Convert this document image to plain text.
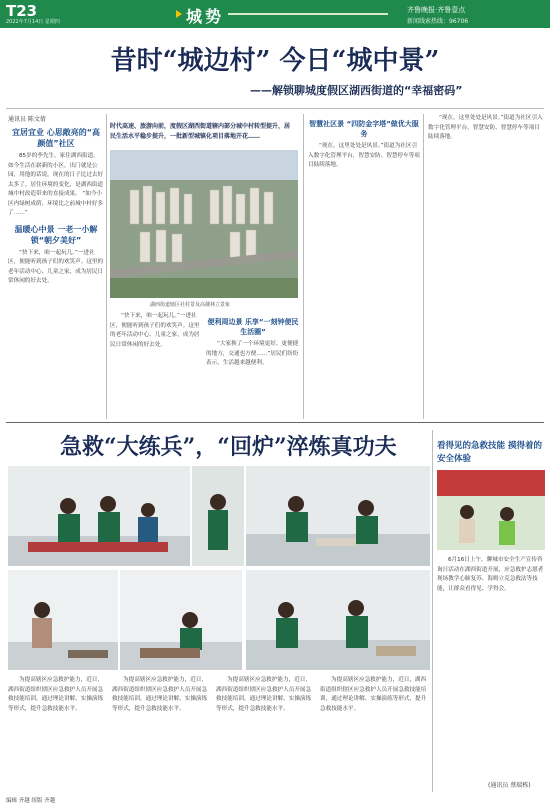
T23
2022年7月14日 星期四	城势	齐鲁晚报·齐鲁壹点
新闻线索热线：96706
昔时“城边村” 今日“城中景”
——解锁聊城度假区湖西街道的“幸福密码”
通讯员 陈文倩
宜居宜业 心思敞亮的“高颜值”社区

85岁的李先生，家住湖西街道。如今生活在崭新的小区，出门就是公园，用他的话说，现在的日子比过去好太多了。居住环境的变化，是湖西街道城中村改造带来的直接成果。 “如今小区内绿树成荫，环境比之前城中村好多了……”

温暖心中景 一老一小解锁“朝夕美好”

“快下来，咱一起玩儿。”一进社区，便能听到孩子们的欢笑声。这里的老年活动中心、儿童之家，成为居民日常休闲的好去处。

时代高速、旅游向前，度假区湖西街道辖内部分城中村转型提升，居民生活水平稳步提升，一批新型城镇化项目落地开花……
湖西街道辖区社村景及高楼林立景象

“快下来，咱一起玩儿。”一进社区，便能听到孩子们的欢笑声。这里的老年活动中心、儿童之家，成为居民日常休闲的好去处。

便利周边景 乐享“一刻钟便民生活圈”

“大家换了一个环境更好、更便捷的地方，交通也方便……”居民们纷纷表示，生活越来越便利。

智慧社区景 “四防金字塔”做优大服务

“现在，这里处处是风景。”街道为社区引入数字化管理平台，智慧安防、智慧停车等项目陆续落地。

“现在，这里处处是风景。”街道为社区引入数字化管理平台，智慧安防、智慧停车等项目陆续落地。

急救“大练兵”，“回炉”淬炼真功夫

为提高辖区应急救护能力，近日，湖西街道组织辖区应急救护人员开展急救技能培训，通过理论讲解、实操演练等形式，提升急救技能水平。

为提高辖区应急救护能力，近日，湖西街道组织辖区应急救护人员开展急救技能培训，通过理论讲解、实操演练等形式，提升急救技能水平。

为提高辖区应急救护能力，近日，湖西街道组织辖区应急救护人员开展急救技能培训，通过理论讲解、实操演练等形式，提升急救技能水平。

为提高辖区应急救护能力，近日，湖西街道组织辖区应急救护人员开展急救技能培训，通过理论讲解、实操演练等形式，提升急救技能水平。

看得见的急救技能 摸得着的安全体验

6月16日上午，聊城市安全生产宣传咨询日活动在湖西街道开展，应急救护志愿者现场教学心肺复苏、海姆立克急救法等技能，让群众看得见、学得会。

(通讯员 蔡瑞栋)
编辑 齐越 组版 齐越
